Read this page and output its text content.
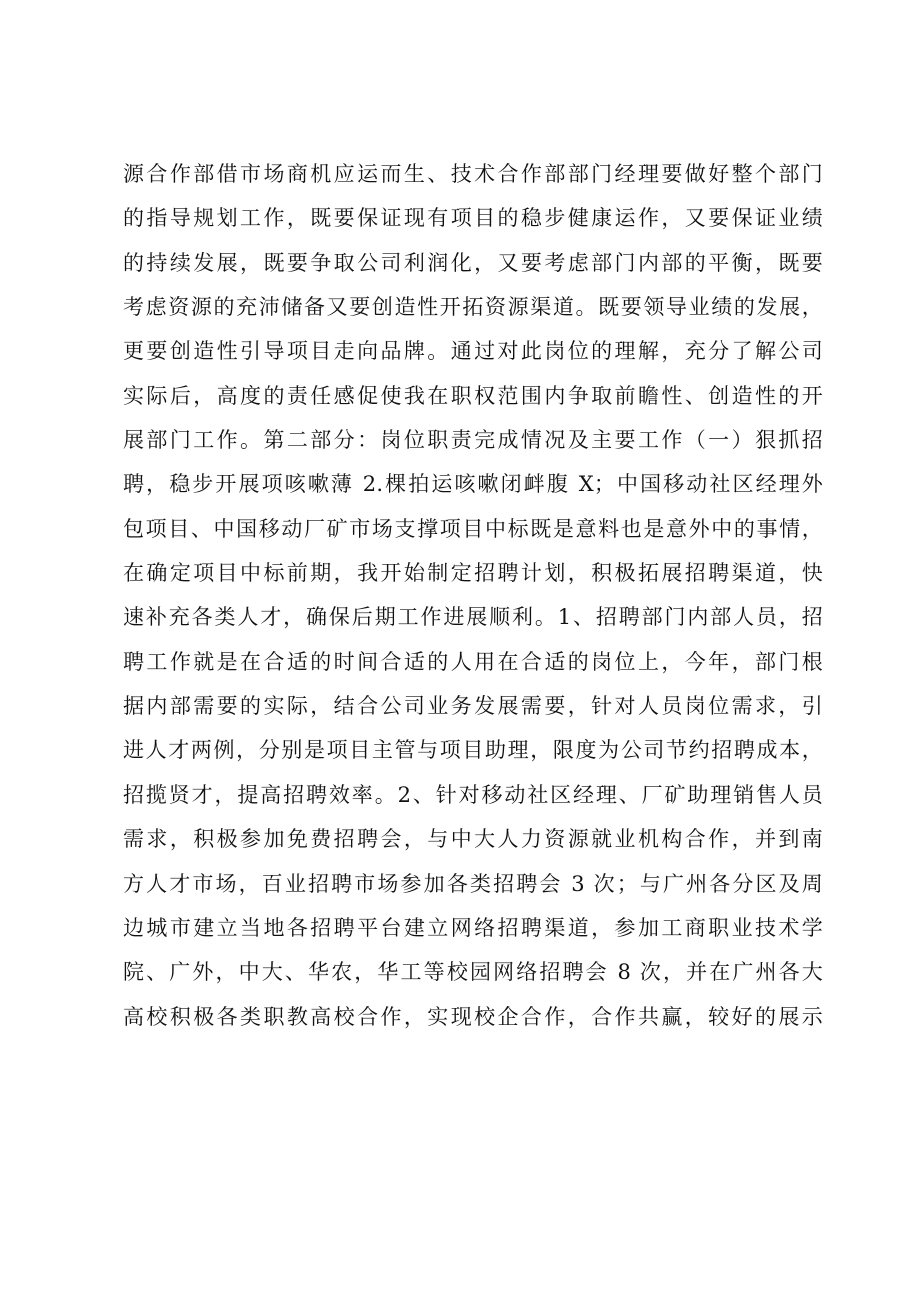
源合作部借市场商机应运而生、技术合作部部门经理要做好整个部门
的指导规划工作，既要保证现有项目的稳步健康运作，又要保证业绩
的持续发展，既要争取公司利润化，又要考虑部门内部的平衡，既要
考虑资源的充沛储备又要创造性开拓资源渠道。既要领导业绩的发展，
更要创造性引导项目走向品牌。通过对此岗位的理解，充分了解公司
实际后，高度的责任感促使我在职权范围内争取前瞻性、创造性的开
展部门工作。第二部分：岗位职责完成情况及主要工作（一）狠抓招
聘，稳步开展项咳嗽薄 2.棵拍运咳嗽闭衅腹 X；中国移动社区经理外
包项目、中国移动厂矿市场支撑项目中标既是意料也是意外中的事情，
在确定项目中标前期，我开始制定招聘计划，积极拓展招聘渠道，快
速补充各类人才，确保后期工作进展顺利。1、招聘部门内部人员，招
聘工作就是在合适的时间合适的人用在合适的岗位上，今年，部门根
据内部需要的实际，结合公司业务发展需要，针对人员岗位需求，引
进人才两例，分别是项目主管与项目助理，限度为公司节约招聘成本，
招揽贤才，提高招聘效率。2、针对移动社区经理、厂矿助理销售人员
需求，积极参加免费招聘会，与中大人力资源就业机构合作，并到南
方人才市场，百业招聘市场参加各类招聘会 3 次；与广州各分区及周
边城市建立当地各招聘平台建立网络招聘渠道，参加工商职业技术学
院、广外，中大、华农，华工等校园网络招聘会 8 次，并在广州各大
高校积极各类职教高校合作，实现校企合作，合作共赢，较好的展示
